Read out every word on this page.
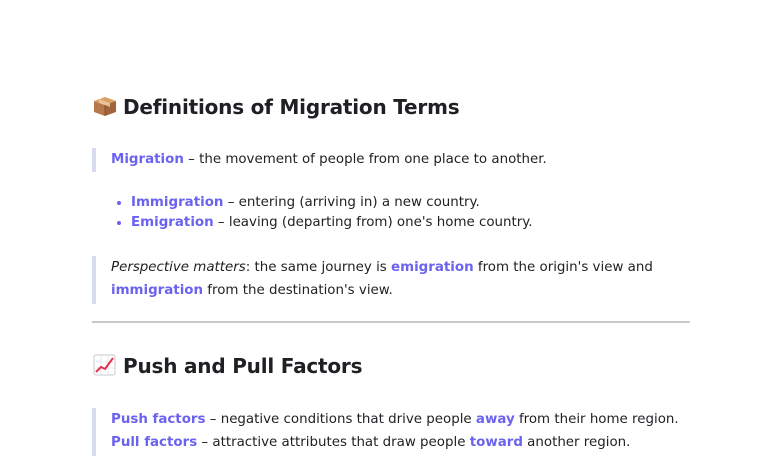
Definitions of Migration Terms
Migration – the movement of people from one place to another.
• Immigration – entering (arriving in) a new country.
• Emigration – leaving (departing from) one's home country.
Perspective matters: the same journey is emigration from the origin's view and
immigration from the destination's view.
Push and Pull Factors
Push factors – negative conditions that drive people away from their home region.
Pull factors – attractive attributes that draw people toward another region.
